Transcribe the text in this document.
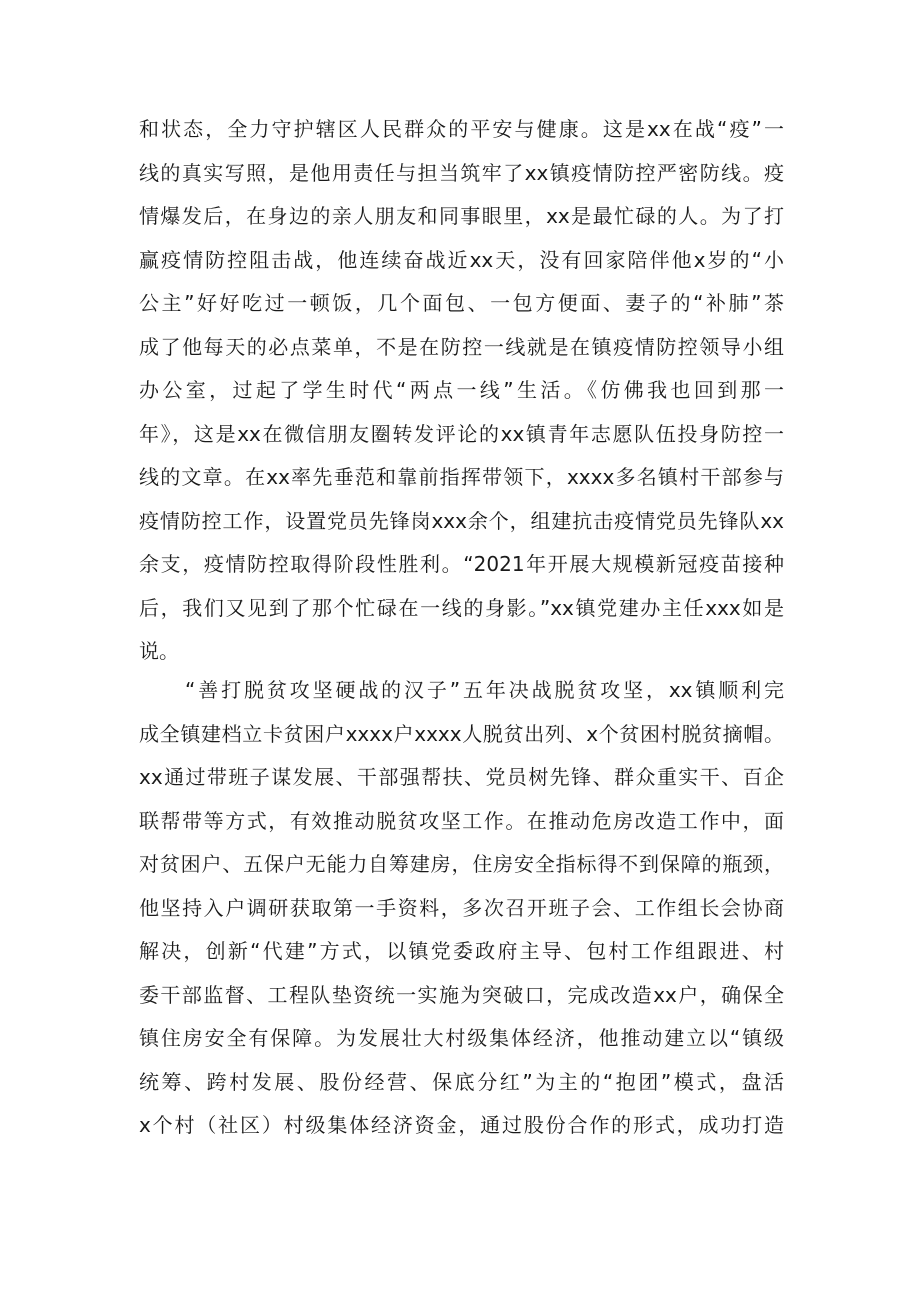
和状态，全力守护辖区人民群众的平安与健康。这是xx在战“疫”一
线的真实写照，是他用责任与担当筑牢了xx镇疫情防控严密防线。疫
情爆发后，在身边的亲人朋友和同事眼里，xx是最忙碌的人。为了打
赢疫情防控阻击战，他连续奋战近xx天，没有回家陪伴他x岁的“小
公主”好好吃过一顿饭，几个面包、一包方便面、妻子的“补肺”茶
成了他每天的必点菜单，不是在防控一线就是在镇疫情防控领导小组
办公室，过起了学生时代“两点一线”生活。《仿佛我也回到那一
年》，这是xx在微信朋友圈转发评论的xx镇青年志愿队伍投身防控一
线的文章。在xx率先垂范和靠前指挥带领下，xxxx多名镇村干部参与
疫情防控工作，设置党员先锋岗xxx余个，组建抗击疫情党员先锋队xx
余支，疫情防控取得阶段性胜利。“2021年开展大规模新冠疫苗接种
后，我们又见到了那个忙碌在一线的身影。”xx镇党建办主任xxx如是
说。
“善打脱贫攻坚硬战的汉子”五年决战脱贫攻坚，xx镇顺利完
成全镇建档立卡贫困户xxxx户xxxx人脱贫出列、x个贫困村脱贫摘帽。
xx通过带班子谋发展、干部强帮扶、党员树先锋、群众重实干、百企
联帮带等方式，有效推动脱贫攻坚工作。在推动危房改造工作中，面
对贫困户、五保户无能力自筹建房，住房安全指标得不到保障的瓶颈，
他坚持入户调研获取第一手资料，多次召开班子会、工作组长会协商
解决，创新“代建”方式，以镇党委政府主导、包村工作组跟进、村
委干部监督、工程队垫资统一实施为突破口，完成改造xx户，确保全
镇住房安全有保障。为发展壮大村级集体经济，他推动建立以“镇级
统筹、跨村发展、股份经营、保底分红”为主的“抱团”模式，盘活
x个村（社区）村级集体经济资金，通过股份合作的形式，成功打造
